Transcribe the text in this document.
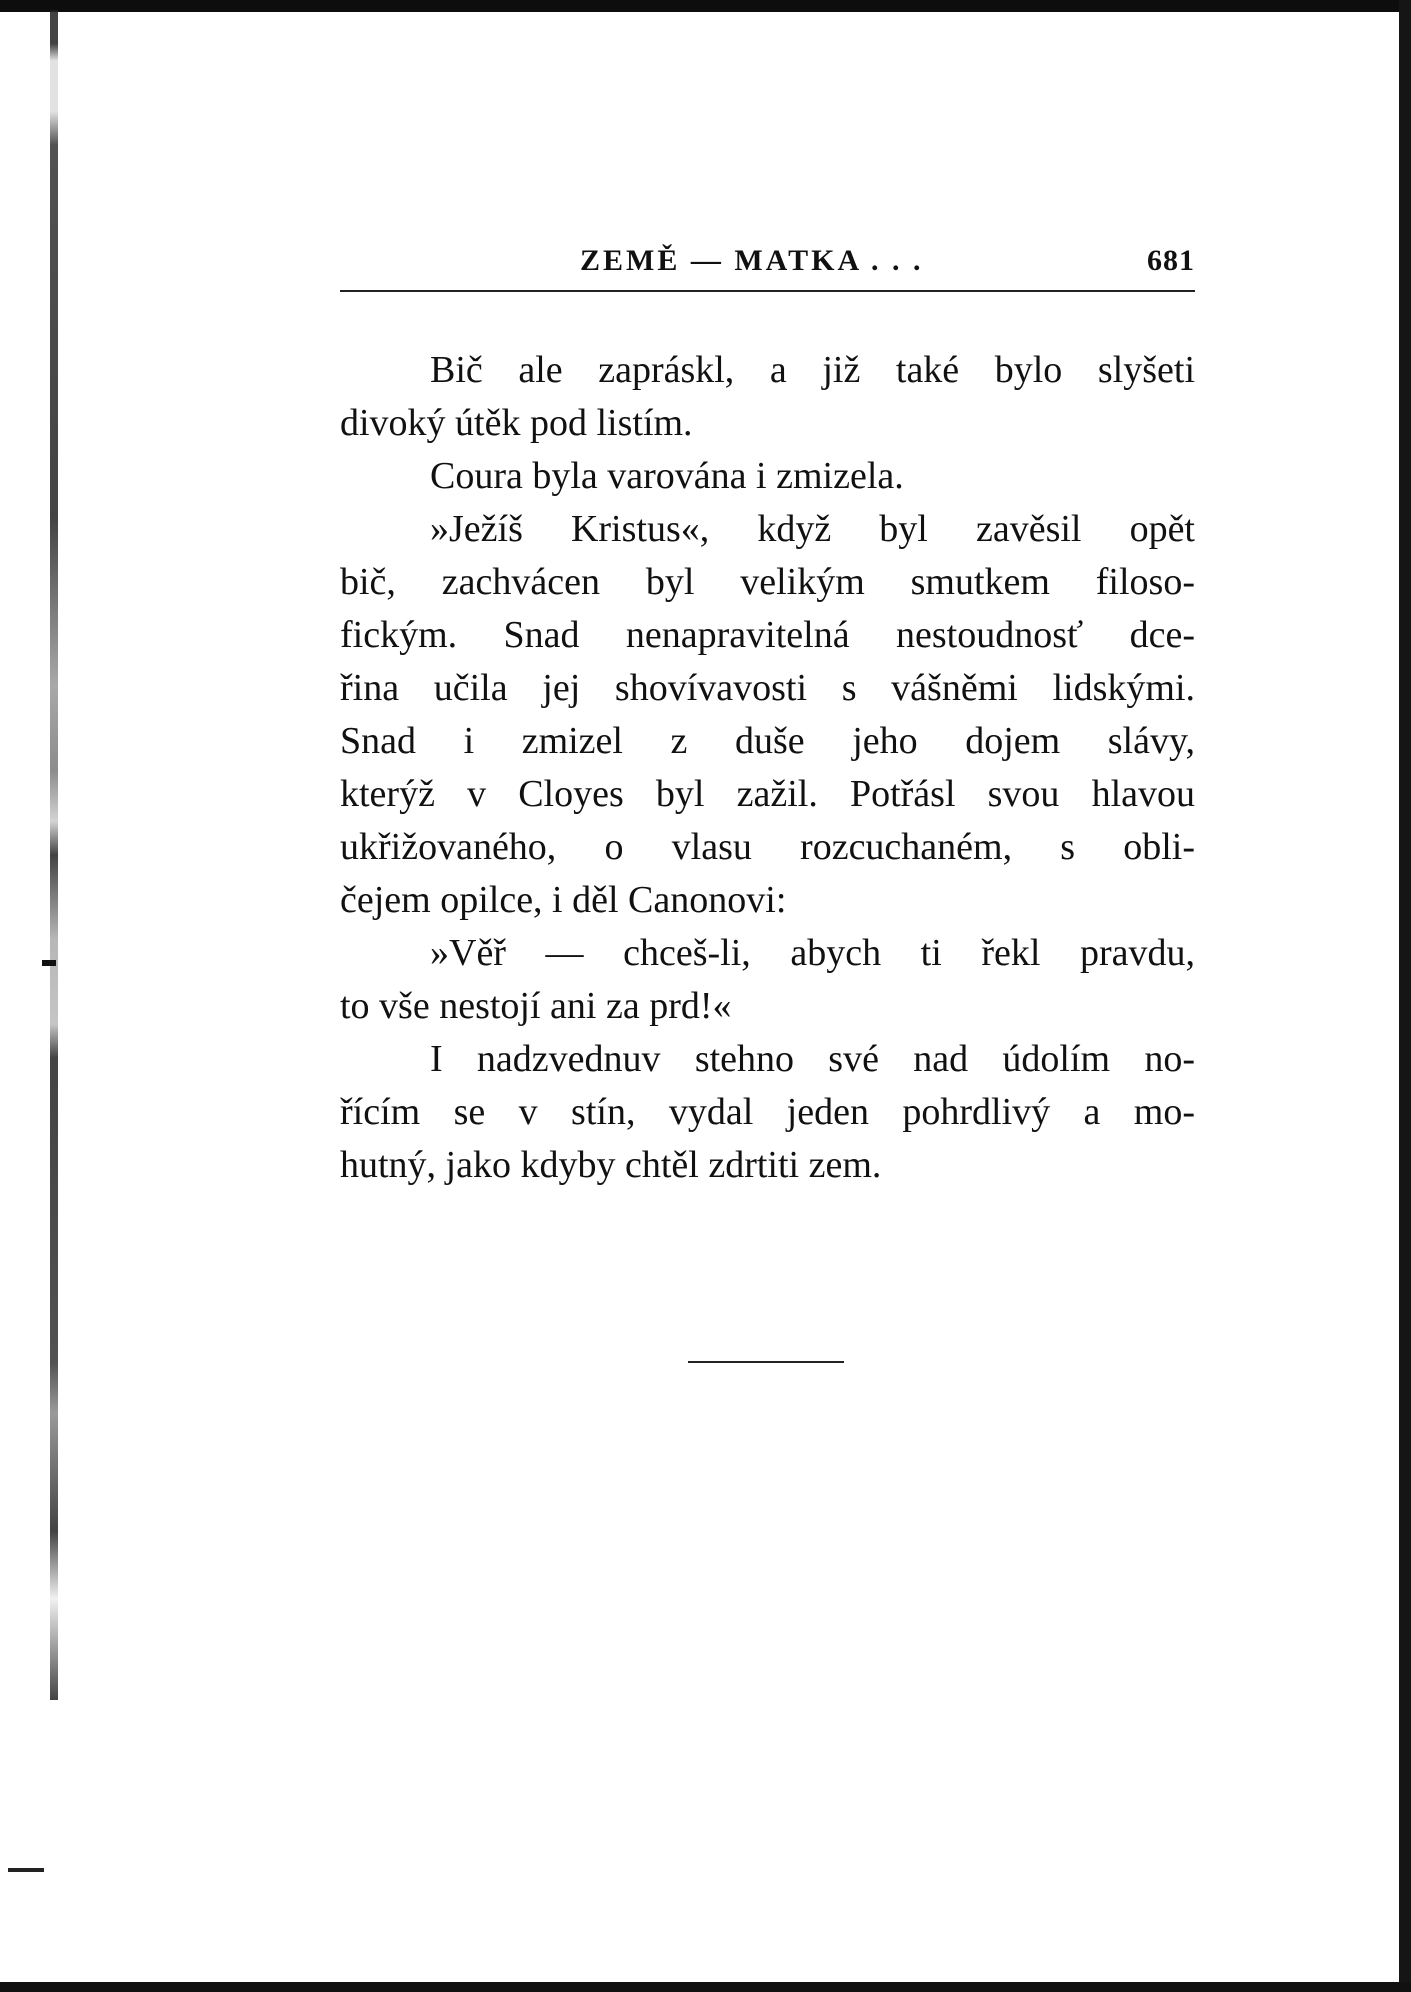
ZEMĚ — MATKA . . .	681
Bič ale zapráskl, a již také bylo slyšeti
divoký útěk pod listím.
Coura byla varována i zmizela.
»Ježíš Kristus«, když byl zavěsil opět
bič, zachvácen byl velikým smutkem filoso-
fickým. Snad nenapravitelná nestoudnosť dce-
řina učila jej shovívavosti s vášněmi lidskými.
Snad i zmizel z duše jeho dojem slávy,
kterýž v Cloyes byl zažil. Potřásl svou hlavou
ukřižovaného, o vlasu rozcuchaném, s obli-
čejem opilce, i děl Canonovi:
»Věř — chceš-li, abych ti řekl pravdu,
to vše nestojí ani za prd!«
I nadzvednuv stehno své nad údolím no-
řícím se v stín, vydal jeden pohrdlivý a mo-
hutný, jako kdyby chtěl zdrtiti zem.
